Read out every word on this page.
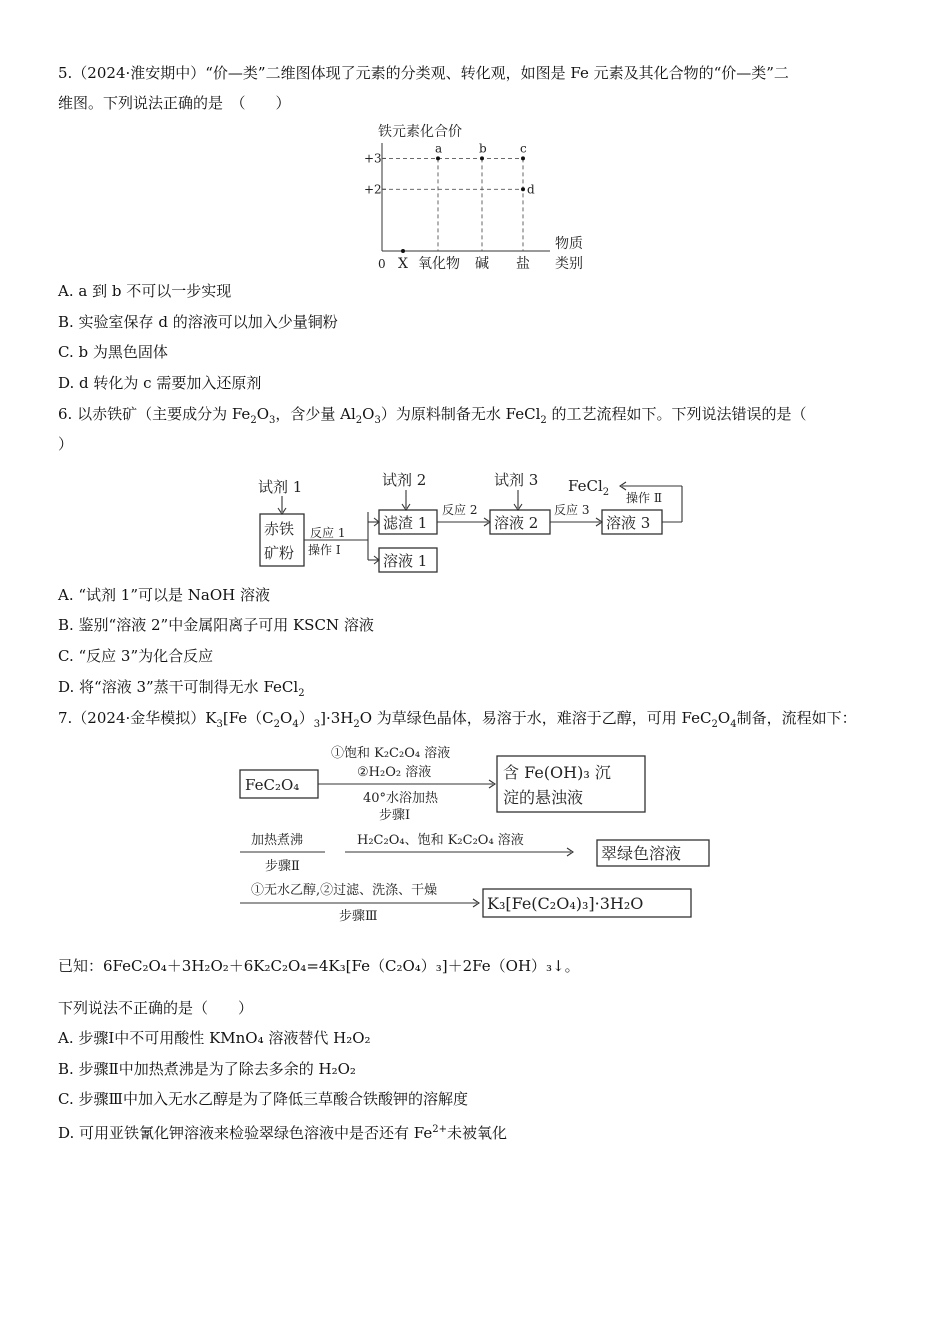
5.（2024·淮安期中）“价—类”二维图体现了元素的分类观、转化观，如图是 Fe 元素及其化合物的“价—类”二
维图。下列说法正确的是　（　　）
铁元素化合价
+3
+2
X 氧化物 碱 盐
a	b	c
d
0
物质
类别
A. a 到 b 不可以一步实现
B. 实验室保存 d 的溶液可以加入少量铜粉
C. b 为黑色固体
D. d 转化为 c 需要加入还原剂
6. 以赤铁矿（主要成分为 $Fe_2O_3$，含少量 $Al_2O_3$）为原料制备无水 FeCl$_2$ 的工艺流程如下。下列说法错误的是（
）
试剂 1
赤铁
矿粉
反应 1
操作 Ⅰ
试剂 2
滤渣 1
溶液 1
反应 2
试剂 3
溶液 2
反应 3
溶液 3
FeCl$_2$ 操作 Ⅱ
A. “试剂 1”可以是 NaOH 溶液
B. 鉴别“溶液 2”中金属阳离子可用 KSCN 溶液
C. “反应 3”为化合反应
D. 将“溶液 3”蒸干可制得无水 FeCl$_2$
7.（2024·金华模拟）$K_3[Fe(C_2O_4)_3]\cdot 3H_2O$ 为草绿色晶体，易溶于水，难溶于乙醇，可用 $FeC_2O_4$制备，流程如下：
FeC₂O₄
①饱和 K₂C₂O₄ 溶液
②H₂O₂ 溶液
40°水浴加热
步骤Ⅰ
含 Fe(OH)₃ 沉
淀的悬浊液
加热煮沸
步骤Ⅱ
H₂C₂O₄、饱和 K₂C₂O₄ 溶液
翠绿色溶液
①无水乙醇,②过滤、洗涤、干燥
步骤Ⅲ
K₃[Fe(C₂O₄)₃]·3H₂O
已知：6FeC₂O₄＋3H₂O₂＋6K₂C₂O₄=4K₃[Fe（C₂O₄）₃]＋2Fe（OH）₃↓。
下列说法不正确的是（　　）
A. 步骤Ⅰ中不可用酸性 KMnO₄ 溶液替代 H₂O₂
B. 步骤Ⅱ中加热煮沸是为了除去多余的 H₂O₂
C. 步骤Ⅲ中加入无水乙醇是为了降低三草酸合铁酸钾的溶解度
D. 可用亚铁氰化钾溶液来检验翠绿色溶液中是否还有 $Fe^{2+}$未被氧化
